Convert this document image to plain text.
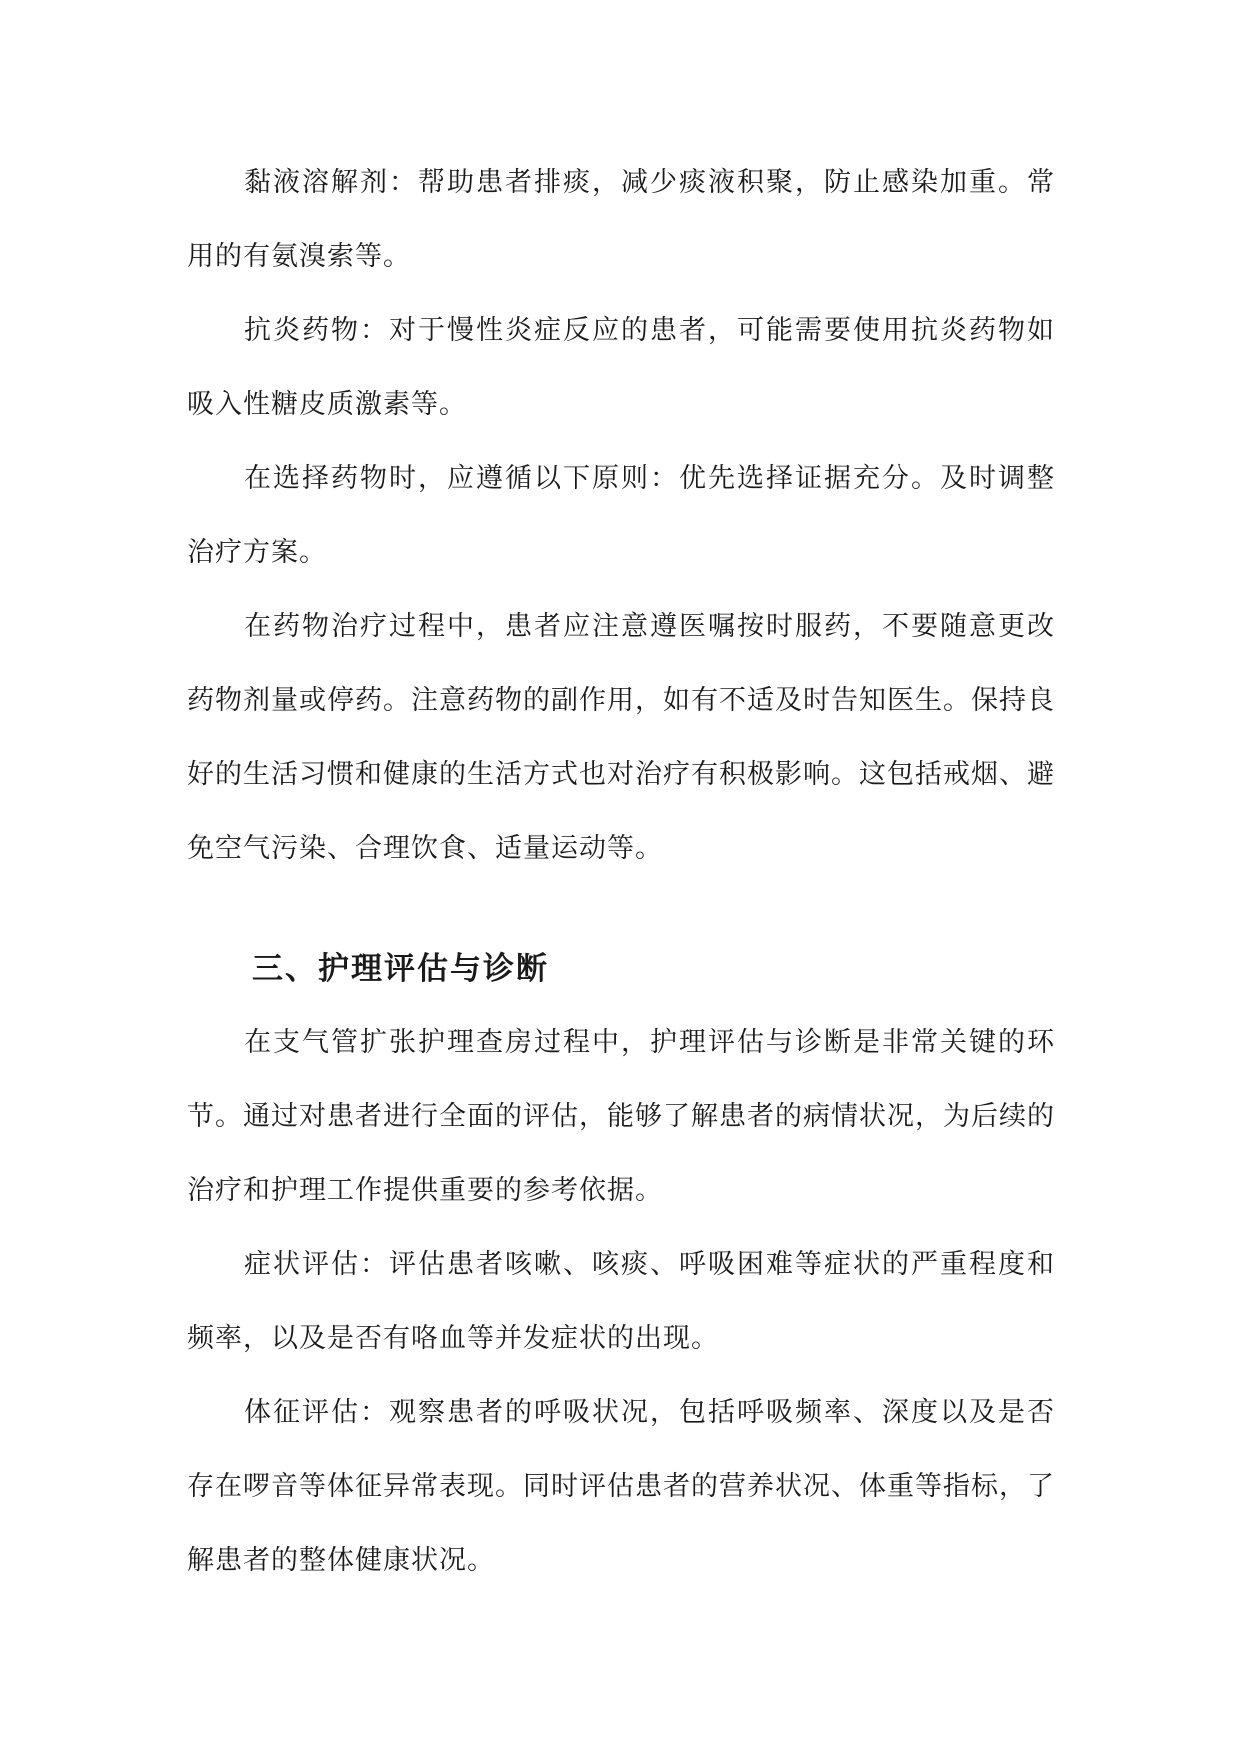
黏液溶解剂：帮助患者排痰，减少痰液积聚，防止感染加重。常用的有氨溴索等。

抗炎药物：对于慢性炎症反应的患者，可能需要使用抗炎药物如吸入性糖皮质激素等。

在选择药物时，应遵循以下原则：优先选择证据充分。及时调整治疗方案。

在药物治疗过程中，患者应注意遵医嘱按时服药，不要随意更改药物剂量或停药。注意药物的副作用，如有不适及时告知医生。保持良好的生活习惯和健康的生活方式也对治疗有积极影响。这包括戒烟、避免空气污染、合理饮食、适量运动等。

三、护理评估与诊断

在支气管扩张护理查房过程中，护理评估与诊断是非常关键的环节。通过对患者进行全面的评估，能够了解患者的病情状况，为后续的治疗和护理工作提供重要的参考依据。

症状评估：评估患者咳嗽、咳痰、呼吸困难等症状的严重程度和频率，以及是否有咯血等并发症状的出现。

体征评估：观察患者的呼吸状况，包括呼吸频率、深度以及是否存在啰音等体征异常表现。同时评估患者的营养状况、体重等指标，了解患者的整体健康状况。
